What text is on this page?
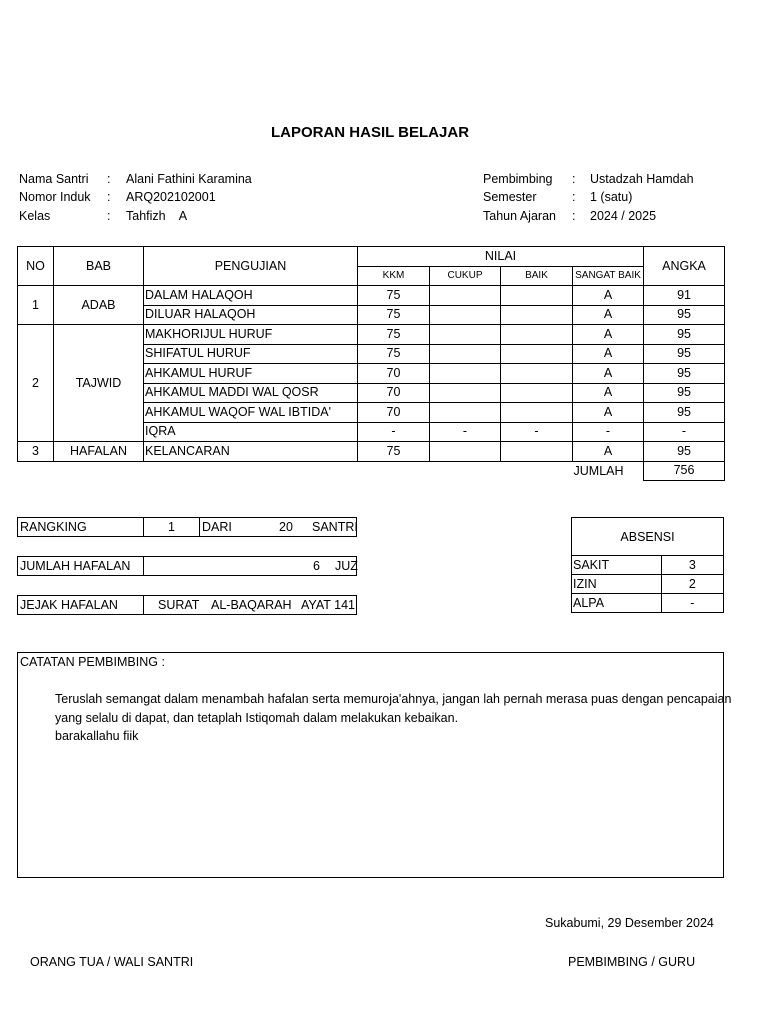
LAPORAN HASIL BELAJAR
Nama Santri : Alani Fathini Karamina
Nomor Induk : ARQ202102001
Kelas	: Tahfizh    A
Pembimbing : Ustadzah Hamdah
Semester	: 1 (satu)
Tahun Ajaran : 2024 / 2025
NO	BAB	PENGUJIAN	NILAI				ANGKA
			KKM	CUKUP	BAIK	SANGAT BAIK	
1	ADAB	DALAM HALAQOH	75			A	91
		DILUAR HALAQOH	75			A	95
2	TAJWID	MAKHORIJUL HURUF	75			A	95
		SHIFATUL HURUF	75			A	95
		AHKAMUL HURUF	70			A	95
		AHKAMUL MADDI WAL QOSR	70			A	95
		AHKAMUL WAQOF WAL IBTIDA'	70			A	95
		IQRA	-	-	-	-	-
3	HAFALAN	KELANCARAN	75			A	95
						JUMLAH	756
RANGKING	1 DARI	20 SANTRI
JUMLAH HAFALAN	6 JUZ
JEJAK HAFALAN	SURAT AL-BAQARAH AYAT 141
ABSENSI	
SAKIT	3
IZIN	2
ALPA	-
CATATAN PEMBIMBING :
Teruslah semangat dalam menambah hafalan serta memuroja'ahnya, jangan lah pernah merasa puas dengan pencapaian
yang selalu di dapat, dan tetaplah Istiqomah dalam melakukan kebaikan.
barakallahu fiik
Sukabumi, 29 Desember 2024
ORANG TUA / WALI SANTRI	PEMBIMBING / GURU
